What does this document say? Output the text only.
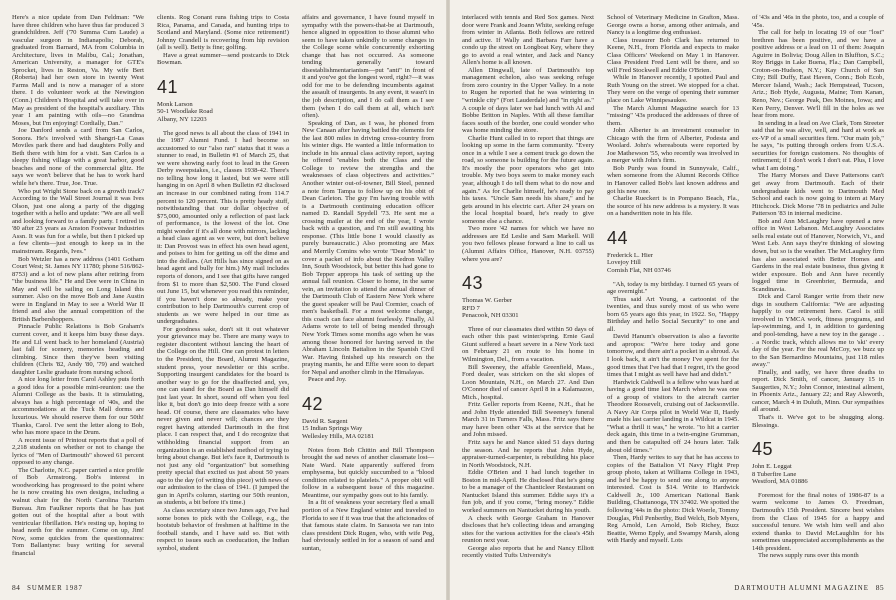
Here's a nice update from Dan Feldman: "We have three children who have thus far produced 3 grandchildren. Jeff ('70 Summa Cum Laude) a vascular surgeon in Indianapolis; Deborah, graduated from Barnard, MA from Columbia in Architecture, lives in Malibu, Cal.; Jonathan, American University, a manager for GTE's Sprocket, lives in Reston, Va. My wife Bert (Roberta) had her own store in twenty West Farms Mall and is now a manager of a store there. I do volunteer work at the Newington (Conn.) Children's Hospital and will take over in May as president of the hospital's auxiliary. This year I am painting with oils—no Grandma Moses, but I'm enjoying! Cordially, Dan."

Joe Danford sends a card from San Carlos, Sonora. He's involved with Shangri-La Casas Moviles park there and had daughters Polly and Beth there with him for a visit. San Carlos is a sleepy fishing village with a great harbor, good beaches and none of the commercial glitz. He says we won't believe that he has to work hard while he's there. True, Joe. True.

Who put Wright Stone back on a growth track? According to the Wall Street Journal it was Ives Olson, just one along a party of the digging together with a hello and update: "We are all well and looking forward to a family party. I retired in '80 after 23 years as Amston Footwear Industries Assn. It was fun for a while, but then I picked up a few clients—just enough to keep us in the mainstream. Regards, Ives."

Bob Wetzler has a new address (1401 Gotham Court West; St. James NY 11780; phone 516/862-8753) and a lot of new plans after retiring from "the business life." He and Dee were in China in May and will be sailing on Long Island this summer. Also on the move Bob and Jane Austin were in England in May to see a World War II friend and also the annual competition of the British Barbershoppers.

Pinnacle Public Relations is Bob Graham's current cover, and it keeps him busy these days. He and Lil went back to her homeland (Austria) last fall for scenery, memories heading and climbing. Since then they've been visiting children (Chris '82, Andy '80, '79) and watched daughter Leslie graduate from nursing school.

A nice long letter from Carol Ashley puts forth a good idea for a possible mini-reunion: use the Alumni College as the basis. It is stimulating, always has a high percentage of '40s, and the accommodations at the Tuck Mall dorms are luxurious. We should reserve them for our 50th! Thanks, Carol. I've sent the letter along to Bob, who has more space in the Drum.

A recent issue of Printout reports that a poll of 2,218 students on whether or not to change the lyrics of "Men of Dartmouth" showed 61 percent opposed to any change.

The Charlotte, N.C. paper carried a nice profile of Bob Armstrong. Bob's interest in woodworking has progressed to the point where he is now creating his own designs, including a walnut chair for the North Carolina Tourism Bureau. Jim Faulkner reports that he has just gotten out of the hospital after a bout with ventricular fibrillation. He's resting up, hoping to head north for the summer. Come on up, Jim! Now, some quickies from the questionnaires: Tom Ballantyne: busy writing for several financial

clients. Rog Conant runs fishing trips to Costa Rica, Panama, and Canada, and hunting trips to Scotland and Maryland. (Some nice retirement!) Johnny Crandell is recovering from hip revision (all is well). Betty is fine; golfing.

Have a great summer—send postcards to Dick Bowman.

41
Monk Larson
50-1 Woodlake Road
Albany, NY 12203

The good news is all about the class of 1941 in the 1987 Alumni Fund. I had become so accustomed to our "also ran" status that it was a stunner to read, in Bulletin #1 of March 25, that we were showing early foot to lead in the Green Derby sweepstakes, i.e., classes 1938-42. There's no telling how long it lasted, but we were still hanging in on April 8 when Bulletin #2 disclosed an increase in our combined rating from 114.7 percent to 120 percent. This is pretty heady stuff, notwithstanding that our dollar objective of $75,000, amounted only a reflection of past lack of performance, is the lowest of the lot. One might wonder if it's all done with mirrors, lacking a head class agent as we were, but don't believe it: Dan Provost was in effect his own head agent, and poises to him for getting us off the dime and into the dollars. (Art Hills has since signed on as head agent and bully for him.) My mail includes reports of donors, and I see that gifts have ranged from $1 to more than $2,500. The Fund closed out June 15, but whenever you read this reminder, if you haven't done so already, make your contribution to help Dartmouth's current crop of students as we were helped in our time as undergraduates.

For goodness sake, don't sit it out whatever your grievance may be. There are many ways to register discontent without lancing the heart of the College on the Hill. One can protest in letters to the President, the Board, Alumni Magazine, student press, your newsletter or this scribe. Supporting insurgent candidates for the board is another way to go for the disaffected and, yes, one can stand for the Board as Dan himself did just last year. In short, sound off when you feel like it, but don't go into deep freeze with a sore head. Of course, there are classmates who have never given and never will; chances are they regret having attended Dartmouth in the first place. I can respect that, and I do recognize that withholding financial support from an organization is an established method of trying to bring about change. But let's face it, Dartmouth is not just any old "organization" but something pretty special that excited us just about 50 years ago to the day (of writing this piece) with news of our admission to the class of 1941. (I jumped the gun in April's column, starting our 50th reunion, as students, a bit before it's time.)

As class secretary since two Junes ago, I've had some bones to pick with the College, e.g., the bootstub behavior of freshmen at halftime in the football stands, and I have said so. But with respect to issues such as coeducation, the Indian symbol, student

affairs and governance, I have found myself in sympathy with the powers-that-be at Dartmouth, hence aligned in opposition to those alumni who seem to have taken unkindly to some changes in the College scene while concurrently exhorting change that has not occurred. As someone tending generally toward disestablishmentarianism—put "anti" in front of it and you've got the longest word, right?—it was odd for me to be defending incumbents against the assault of insurgents. In any event, it wasn't in the job description, and I do call them as I see them (when I do call them at all, which isn't often).

Speaking of Dan, as I was, he phoned from New Canaan after having battled the elements for the last 800 miles in driving cross-country from his winter digs. He wanted a little information to include in his annual class activity report, saying he offered "enables both the Class and the College to review the strengths and the weaknesses of class objectives and activities." Another winter out-of-towner, Bill Steel, penned a note from Tampa to follow up on his obit of Dean Carleton. The guy I'm having trouble with is a Dartmouth continuing education officer named D. Randall Spydell '73. He sent me a crossing mailer at the end of the year, I wrote back with a question, and I'm still awaiting his response. (This little bone I would classify as purely bureaucratic.) Also promoting are Max and Merrily Comins who wrote "Dear Monk" to cover a packet of info about the Kedron Valley Inn, South Woodstock, but better this had gone to Bob Tepper approps his task of setting up the annual fall reunion. Closer to home, in the same vein, an invitation to attend the annual dinner of the Dartmouth Club of Eastern New York where the guest speaker will be Paul Cormier, coach of men's basketball. For a most welcome change, this coach can face alumni fearlessly. Finally, Al Adams wrote to tell of being mended through New York Times some months ago when he was among those honored for having served in the Abraham Lincoln Battalion in the Spanish Civil War. Having finished up his research on the praying mantis, he and Effie were soon to depart for Nepal and another climb in the Himalayas.

Peace and Joy.

42
David R. Sargent
15 Indian Springs Way
Wellesley Hills, MA 02181

Notes from Bob Chittin and Bill Thompson brought the sad news of another classmate lost—Nate Ward. Nate apparently suffered from emphysema, but quickly succumbed to a "blood condition related to platelets." A proper obit will follow in a subsequent issue of this magazine. Meantime, our sympathy goes out to his family.

In a fit of weakness your secretary fled a small portion of a New England winter and traveled to Florida to see if it was true that the aficionados of that famous state claim. In Sarasota we ran into class president Dick Rugen, who, with wife Peg, had obviously settled in for a season of sand and suntan,

84 SUMMER 1987

interlaced with tennis and Red Sox games. Next door were Frank and Joann White, seeking refuge from winter in Atlanta. Both fellows are retired and active. If Wally and Barbara Farr have a condo up the street on Longboat Key, where they go to avoid a real winter, and Jack and Nancy Allen's home is all known.

Allen Dingwall, late of Dartmouth's top management echelon, also was seeking refuge from zero country in the Upper Valley. In a note to Rugen he reported that he was wintering in "wrinkle city" (Fort Lauderdale) and "in right as." A couple of days later we had lunch with Al and Bobbe Britton in Naples. With all these familiar faces south of the border, one could wonder who was home minding the store.

Charlie Hunt called in to report that things are looking up some in the farm community. "Every once in a while I see a cement truck go down the road, so someone is building for the future again. It's mostly the poor operators who get into trouble. My two boys seem to make money each year, although I do tell them what to do now and again." As for Charlie himself, he's ready to pay his taxes. "Uncle Sam needs his share," and he gets around in his electric cart. After 24 years on the local hospital board, he's ready to give someone else a chance.

Two more '42 names for which we have no addresses are Ed Leslie and Sam Markell. Will you two fellows please forward a line to call us (Alumni Affairs Office, Hanover, N.H. 03755) where you are?

43
Thomas W. Gerber
RFD 7
Penacook, NH 03301

Three of our classmates died within 50 days of each other this past winter/spring. Ernie Gaul Giunt suffered a heart severe in a New York taxi on February 21 en route to his home in Wilmington, Del., from a vacation.

Bill Sweeney, the affable Greenfield, Mass., Ford dealer, was stricken on the ski slopes of Loon Mountain, N.H., on March 27. And Dan O'Connor died of cancer April 8 in a Kalamazoo, Mich., hospital.

Fritz Geller reports from Keene, N.H., that he and John Hyde attended Bill Sweeney's funeral March 31 in Turners Falls, Mass. Fritz says there may have been other '43s at the service that he and John missed.

Fritz says he and Nance skied 51 days during the season. And he reports that John Hyde, appraiser-turned-carpenter, is rebuilding his place in North Woodstock, N.H.

Eddie O'Brien and I had lunch together in Boston in mid-April. He disclosed that he's going to be a manager of the Chanticleer Restaurant on Nantucket Island this summer. Eddie says it's a fun job, and if you come, "bring money." Eddie worked summers on Nantucket during his youth.

A check with George Graham in Hanover discloses that he's collecting ideas and arranging sites for the various activities for the class's 45th reunion next year.

George also reports that he and Nancy Elliott recently visited Tufts University's

School of Veterinary Medicine in Grafton, Mass. George owns a horse, among other animals, and Nancy is a longtime dog enthusiast.

Class treasurer Bob Clark has returned to Keene, N.H., from Florida and expects to make Class Officers' Weekend on May 1 in Hanover. Class President Fred Lent will be there, and so will Fred Stockwell and Eddie O'Brien.

While in Hanover recently, I spotted Paul and Ruth Young on the street. We stopped for a chat. They were on the verge of opening their summer place on Lake Winnipesaukee.

The March Alumni Magazine search for 13 "missing" '43s produced the addresses of three of them.

John Alberter is an investment counselor in Chicago with the firm of Alberter, Podesta and Woolard. John's whereabouts were reported by Joe Mathewson '55, who recently was involved in a merger with John's firm.

Bob Purdy was found in Sunnyvale, Calif., when someone from the Alumni Records Office in Hanover called Bob's last known address and got his new one.

Charlie Rueckert is in Pompano Beach, Fla., the source of his new address is a mystery. It was on a handwritten note in his file.

44
Frederick L. Hier
Lovejoy Hill
Cornish Flat, NH 03746

"Ah, today is my birthday. I turned 65 years of age overnight."

Thus said Art Young, a cartoonist of the twenties, and thus surely most of us who were born 65 years ago this year, in 1922. So, "Happy Birthday and hello Social Security" to one and all.

David Hanum's observation is also a favorite and apropos: "We're here today and gone tomorrow, and there ain't a pocket in a shroud. As I look back, it ain't the money I've spent for the good times that I've had that I regret, it's the good times that I might as well have had and didn't."

Hardwick Caldwell is a fellow who was hard at having a good time last March when he was one of a group of visitors to the aircraft carrier Theodore Roosevelt, cruising out of Jacksonville. A Navy Air Corps pilot in World War II, Hardy made his last carrier landing in a Wildcat in 1945. "What a thrill it was," he wrote. "to hit a carrier deck again, this time in a twin-engine Grumman, and then be catapulted off 24 hours later. Talk about old times."

Then, Hardy writes to say that he has access to copies of the Battalion VI Navy Flight Prep group photo, taken at Williams College in 1943, and he'd be happy to send one along to anyone interested. Cost is $14. Write to Hardwick Caldwell Jr., 100 American National Bank Building, Chattanooga, TN 37402. We spotted the following '44s in the photo: Dick Woerle, Tommy Douglas, Phil Penberthy, Bud Welch, Bob Myers, Reg Arnold, Len Arnold, Bob Richey, Buzz Beattie, Wemo Epply, and Swampy Marsh, along with Hardy and myself. Lots

of '43s and '46s in the photo, too, and a couple of '45s.

The call for help in locating 19 of our "lost" brethren has been positive, and we have a positive address or a lead on 11 of them: Joaquin Aguirre in Bolivia; Doug Allen in Bluffton, S.C.; Roy Briggs in Lake Buena, Fla.; Dan Campbell, Croton-on-Hudson, N.Y.; Kay Church of Sun City; Bill Duffy, East Haven, Conn.; Bob Ecob, Mercer Island, Wash.; Jack Hempstead, Tucson, Ariz.; Bob Hyde, Augusta, Maine; Tom Kanan, Reno, Nev.; George Peak, Des Moines, Iowa; and Ken Perry, Denver. We'll fill in the holes as we hear from more.

In sending in a lead on Ave Clark, Tom Streeter said that he was alive, well, and hard at work as ex-VP of a small securities firm. "Our main job," he says, "is putting through orders from U.S.A. securities for foreign customers. No thoughts of retirement; if I don't work I don't eat. Plus, I love what I am doing."

The Harry Morses and Dave Pattersons can't get away from Dartmouth. Each of their undergraduate kids went to Dartmouth Med School and each is now going to intern at Mary Hitchcock. Dick Morse '78 in pediatrics and Julie Patterson '83 in internal medicine.

Bob and Ann McLaughry have opened a new office in West Lebanon. McLaughry Associates sells real estate out of Hanover, Norwich, Vt., and West Leb. Ann says they're thinking of slowing down, but so is the weather. The McLaughry firm has also associated with Better Homes and Gardens in the real estate business, thus giving it wider exposure. Bob and Ann have recently logged time in Greenbrier, Bermuda, and Scandinavia.

Dick and Carol Ranger write from their new digs in southern California: "We are adjusting happily to our retirement here. Carol is still involved in YMCA work, fitness programs, and lap-swimming, and I, in addition to gardening and pool-tending, have a new toy in the garage . . . a Nordic track, which allows me to 'ski' every day of the year. For the real McCoy, we buzz up to the San Bernardino Mountains, just 118 miles away."

Finally, and sadly, we have three deaths to report. Dick Smith, of cancer, January 15 in Saugerties, N.Y.; John Connor, intestinal ailment, in Phoenix Ariz., January 22; and Ray Alsworth, cancer, March 4 in Duluth, Minn. Our sympathies all around.

That's it. We've got to be shugging along. Blessings.

45
John E. Leggat
8 Tuberfire Lane
Westford, MA 01886

Foremost for the final notes of 1986-87 is a warm welcome to James O. Freedman, Dartmouth's 15th President. Sincere best wishes from the Class of 1945 for a happy and successful tenure. We wish him well and also extend thanks to David McLaughlin for his sometimes unappreciated accomplishments as the 14th president.

The news supply runs over this month

DARTMOUTH ALUMNI MAGAZINE 85
